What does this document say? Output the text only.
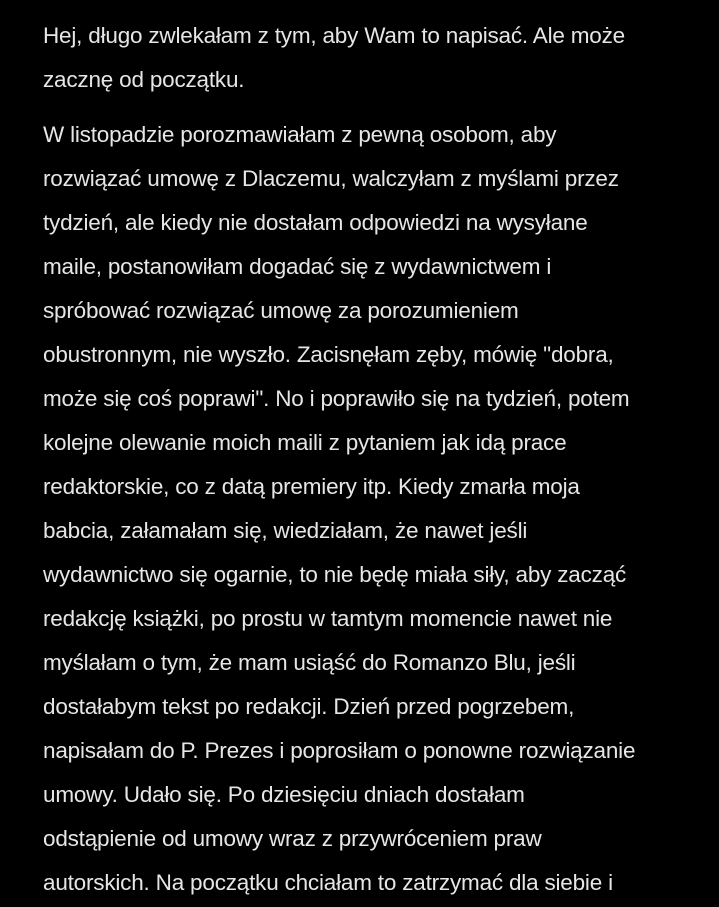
Hej, długo zwlekałam z tym, aby Wam to napisać. Ale może
zacznę od początku.
W listopadzie porozmawiałam z pewną osobom, aby
rozwiązać umowę z Dlaczemu, walczyłam z myślami przez
tydzień, ale kiedy nie dostałam odpowiedzi na wysyłane
maile, postanowiłam dogadać się z wydawnictwem i
spróbować rozwiązać umowę za porozumieniem
obustronnym, nie wyszło. Zacisnęłam zęby, mówię "dobra,
może się coś poprawi". No i poprawiło się na tydzień, potem
kolejne olewanie moich maili z pytaniem jak idą prace
redaktorskie, co z datą premiery itp. Kiedy zmarła moja
babcia, załamałam się, wiedziałam, że nawet jeśli
wydawnictwo się ogarnie, to nie będę miała siły, aby zacząć
redakcję książki, po prostu w tamtym momencie nawet nie
myślałam o tym, że mam usiąść do Romanzo Blu, jeśli
dostałabym tekst po redakcji. Dzień przed pogrzebem,
napisałam do P. Prezes i poprosiłam o ponowne rozwiązanie
umowy. Udało się. Po dziesięciu dniach dostałam
odstąpienie od umowy wraz z przywróceniem praw
autorskich. Na początku chciałam to zatrzymać dla siebie i
